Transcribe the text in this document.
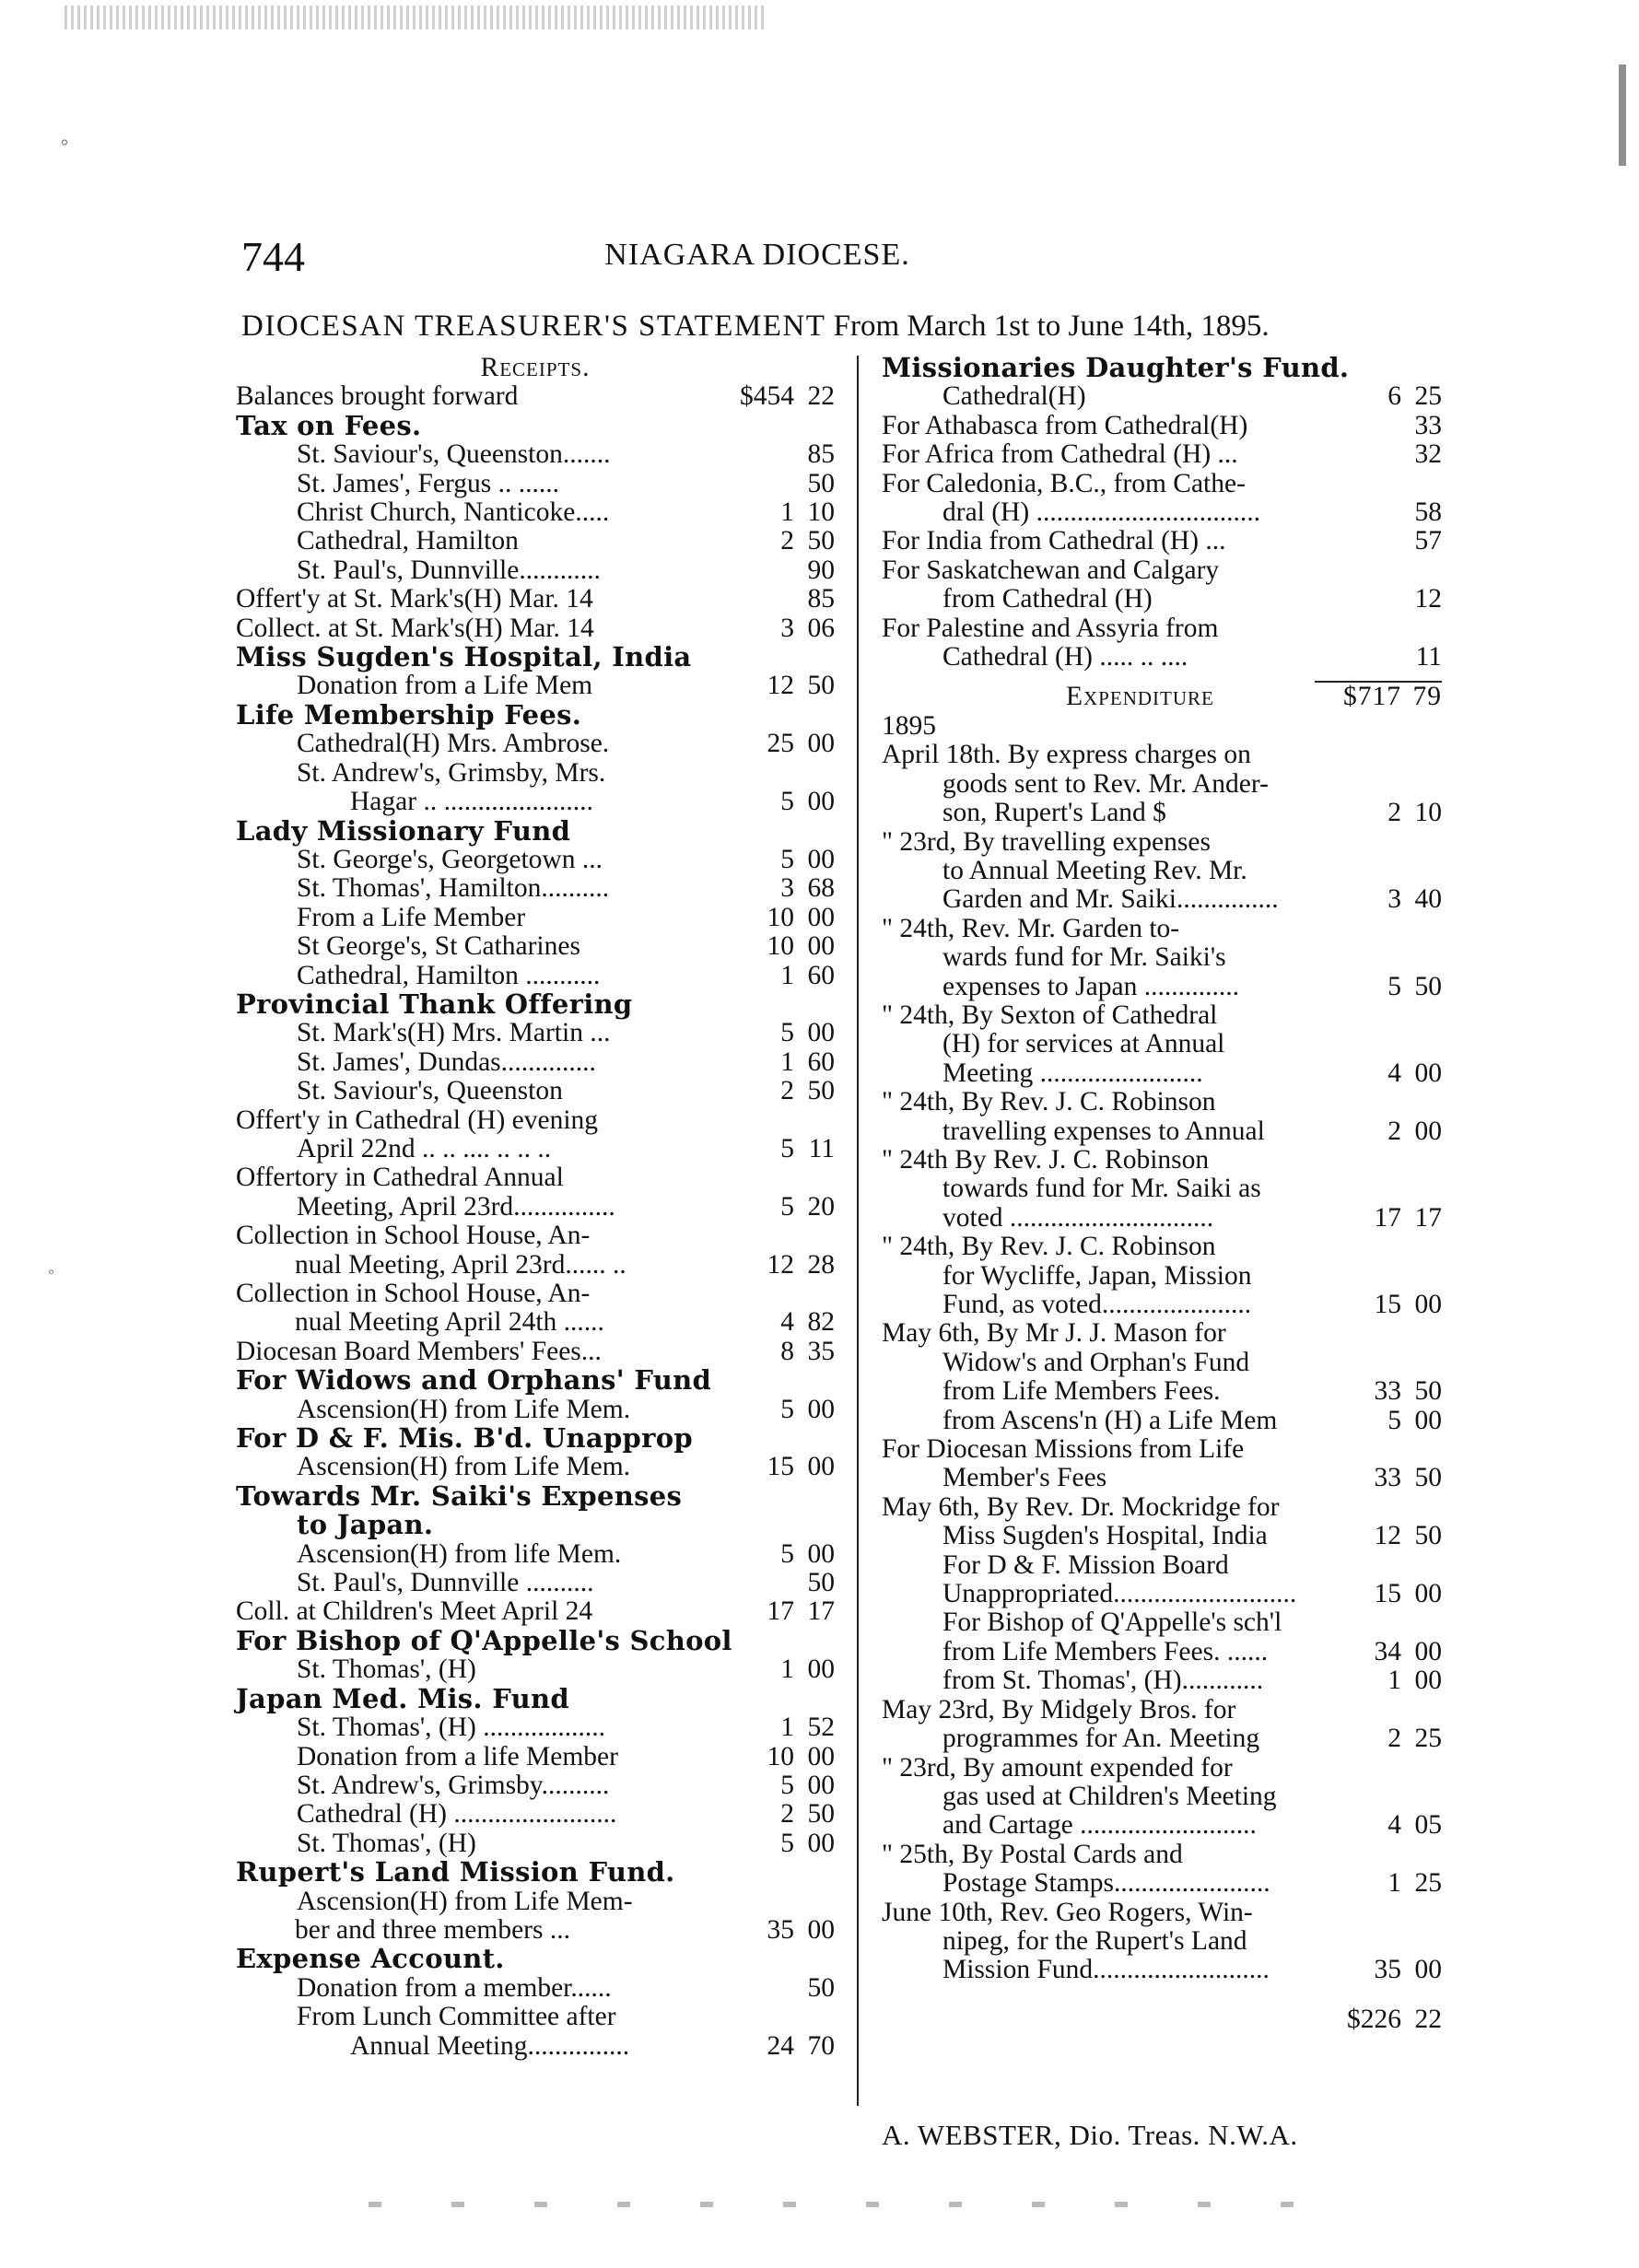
°
◦
744	NIAGARA DIOCESE.
DIOCESAN TREASURER'S STATEMENT From March 1st to June 14th, 1895.
Receipts.
Balances brought forward	$454 22
Tax on Fees.
St. Saviour's, Queenston.......	85
St. James', Fergus .. ......	50
Christ Church, Nanticoke.....	1 10
Cathedral, Hamilton	2 50
St. Paul's, Dunnville............	90
Offert'y at St. Mark's(H) Mar. 14	85
Collect. at St. Mark's(H) Mar. 14	3 06
Miss Sugden's Hospital, India
Donation from a Life Mem	12 50
Life Membership Fees.
Cathedral(H) Mrs. Ambrose.	25 00
St. Andrew's, Grimsby, Mrs.
Hagar .. ......................	5 00
Lady Missionary Fund
St. George's, Georgetown ...	5 00
St. Thomas', Hamilton..........	3 68
From a Life Member	10 00
St George's, St Catharines	10 00
Cathedral, Hamilton ...........	1 60
Provincial Thank Offering
St. Mark's(H) Mrs. Martin ...	5 00
St. James', Dundas..............	1 60
St. Saviour's, Queenston	2 50
Offert'y in Cathedral (H) evening
April 22nd .. .. .... .. .. ..	5 11
Offertory in Cathedral Annual
Meeting, April 23rd...............	5 20
Collection in School House, An-
nual Meeting, April 23rd...... ..	12 28
Collection in School House, An-
nual Meeting April 24th ......	4 82
Diocesan Board Members' Fees...	8 35
For Widows and Orphans' Fund
Ascension(H) from Life Mem.	5 00
For D & F. Mis. B'd. Unapprop
Ascension(H) from Life Mem.	15 00
Towards Mr. Saiki's Expenses
to Japan.
Ascension(H) from life Mem.	5 00
St. Paul's, Dunnville ..........	50
Coll. at Children's Meet April 24	17 17
For Bishop of Q'Appelle's School
St. Thomas', (H)	1 00
Japan Med. Mis. Fund
St. Thomas', (H) ..................	1 52
Donation from a life Member	10 00
St. Andrew's, Grimsby..........	5 00
Cathedral (H) ........................	2 50
St. Thomas', (H)	5 00
Rupert's Land Mission Fund.
Ascension(H) from Life Mem-
ber and three members ...	35 00
Expense Account.
Donation from a member......	50
From Lunch Committee after
Annual Meeting...............	24 70
Missionaries Daughter's Fund.
Cathedral(H)	6 25
For Athabasca from Cathedral(H)	33
For Africa from Cathedral (H) ...	32
For Caledonia, B.C., from Cathe-
dral (H) .................................	58
For India from Cathedral (H) ...	57
For Saskatchewan and Calgary
from Cathedral (H)	12
For Palestine and Assyria from
Cathedral (H) ..... .. ....	11
Expenditure	$717 79
1895
April 18th. By express charges on
goods sent to Rev. Mr. Ander-
son, Rupert's Land $	2 10
" 23rd, By travelling expenses
to Annual Meeting Rev. Mr.
Garden and Mr. Saiki...............	3 40
" 24th, Rev. Mr. Garden to-
wards fund for Mr. Saiki's
expenses to Japan ..............	5 50
" 24th, By Sexton of Cathedral
(H) for services at Annual
Meeting ........................	4 00
" 24th, By Rev. J. C. Robinson
travelling expenses to Annual	2 00
" 24th By Rev. J. C. Robinson
towards fund for Mr. Saiki as
voted ..............................	17 17
" 24th, By Rev. J. C. Robinson
for Wycliffe, Japan, Mission
Fund, as voted......................	15 00
May 6th, By Mr J. J. Mason for
Widow's and Orphan's Fund
from Life Members Fees.	33 50
from Ascens'n (H) a Life Mem	5 00
For Diocesan Missions from Life
Member's Fees	33 50
May 6th, By Rev. Dr. Mockridge for
Miss Sugden's Hospital, India	12 50
For D & F. Mission Board
Unappropriated...........................	15 00
For Bishop of Q'Appelle's sch'l
from Life Members Fees. ......	34 00
from St. Thomas', (H)............	1 00
May 23rd, By Midgely Bros. for
programmes for An. Meeting	2 25
" 23rd, By amount expended for
gas used at Children's Meeting
and Cartage ..........................	4 05
" 25th, By Postal Cards and
Postage Stamps.......................	1 25
June 10th, Rev. Geo Rogers, Win-
nipeg, for the Rupert's Land
Mission Fund..........................	35 00
$226 22
A. WEBSTER, Dio. Treas. N.W.A.
